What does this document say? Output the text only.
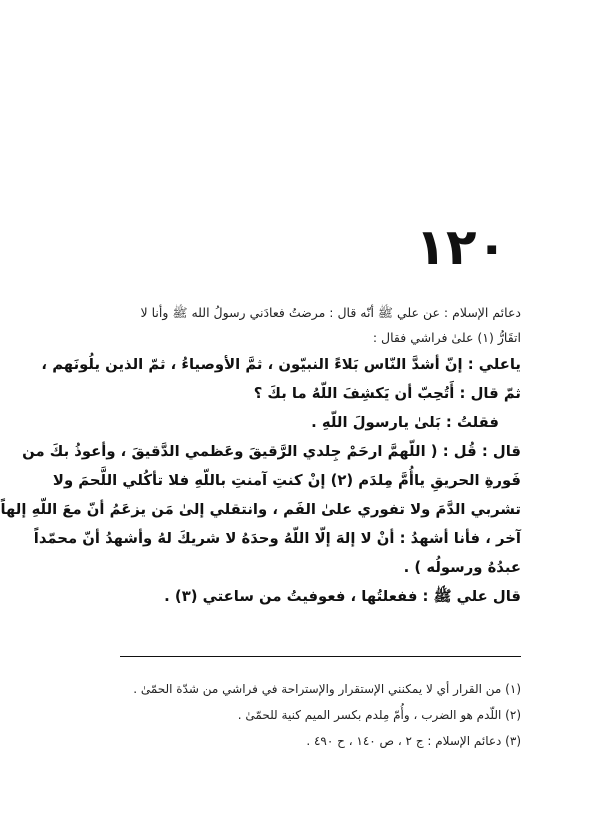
١٢٠
دعائم الإسلام : عن علي ﷺ أنّه قال : مرضتُ فعادَني رسولُ الله ﷺ وأنا لا
اتقَارُّ (١) علىٰ فراشي فقال :
ياعلي : إنّ أشدَّ النّاس بَلاءً النبيّون ، ثمَّ الأوصياءُ ، ثمّ الذين يلُونَهم ،
ثمّ قال : أَتُحِبّ أن يَكشِفَ اللّهُ ما بكَ ؟
فقلتُ : بَلىٰ يارسولَ اللّهِ .
قال : قُل : ( اللّهمَّ ارحَمْ جِلدي الرَّقيقَ وعَظمي الدَّقيقَ ، وأعوذُ بكَ من
فَورةِ الحريقِ ياأُمَّ مِلدَم (٢) إنْ كنتِ آمنتِ باللّهِ فلا تأكُلي اللَّحمَ ولا
تشربي الدَّمَ ولا تفوري علىٰ الفَم ، وانتقلي إلىٰ مَن يزعَمُ أنّ معَ اللّهِ إلهاً
آخر ، فأنا أشهدُ : أنْ لا إلهَ إلّا اللّهُ وحدَهُ لا شريكَ لهُ وأشهدُ أنّ محمّداً
عبدُهُ ورسولُه ) .
قال علي ﷺ : ففعلتُها ، فعوفيتُ من ساعتي (٣) .
(١) من القرار أي لا يمكنني الإستقرار والإستراحة في فراشي من شدّة الحمّىٰ .
(٢) اللّدم هو الضرب ، وأُمّ مِلدم بكسر الميم كنية للحمّىٰ .
(٣) دعائم الإسلام : ج ٢ ، ص ١٤٠ ، ح ٤٩٠ .
